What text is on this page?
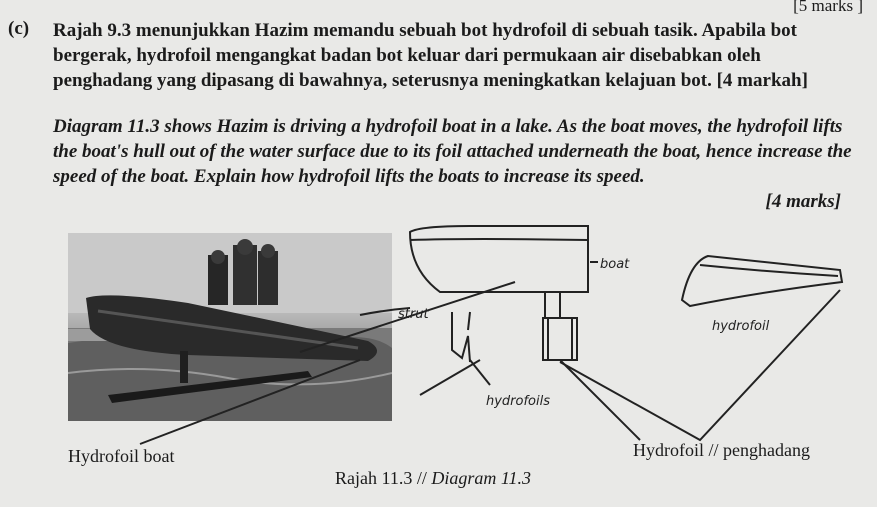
[5 marks ]
(c) Rajah 9.3 menunjukkan Hazim memandu sebuah bot hydrofoil di sebuah tasik. Apabila bot bergerak, hydrofoil mengangkat badan bot keluar dari permukaan air disebabkan oleh penghadang yang dipasang di bawahnya, seterusnya meningkatkan kelajuan bot. [4 markah]
Diagram 11.3 shows Hazim is driving a hydrofoil boat in a lake. As the boat moves, the hydrofoil lifts the boat's hull out of the water surface due to its foil attached underneath the boat, hence increase the speed of the boat. Explain how hydrofoil lifts the boats to increase its speed.
[4 marks]
boat
strut
hydrofoils
hydrofoil
Hydrofoil boat	Hydrofoil // penghadang
Rajah 11.3 // Diagram 11.3
